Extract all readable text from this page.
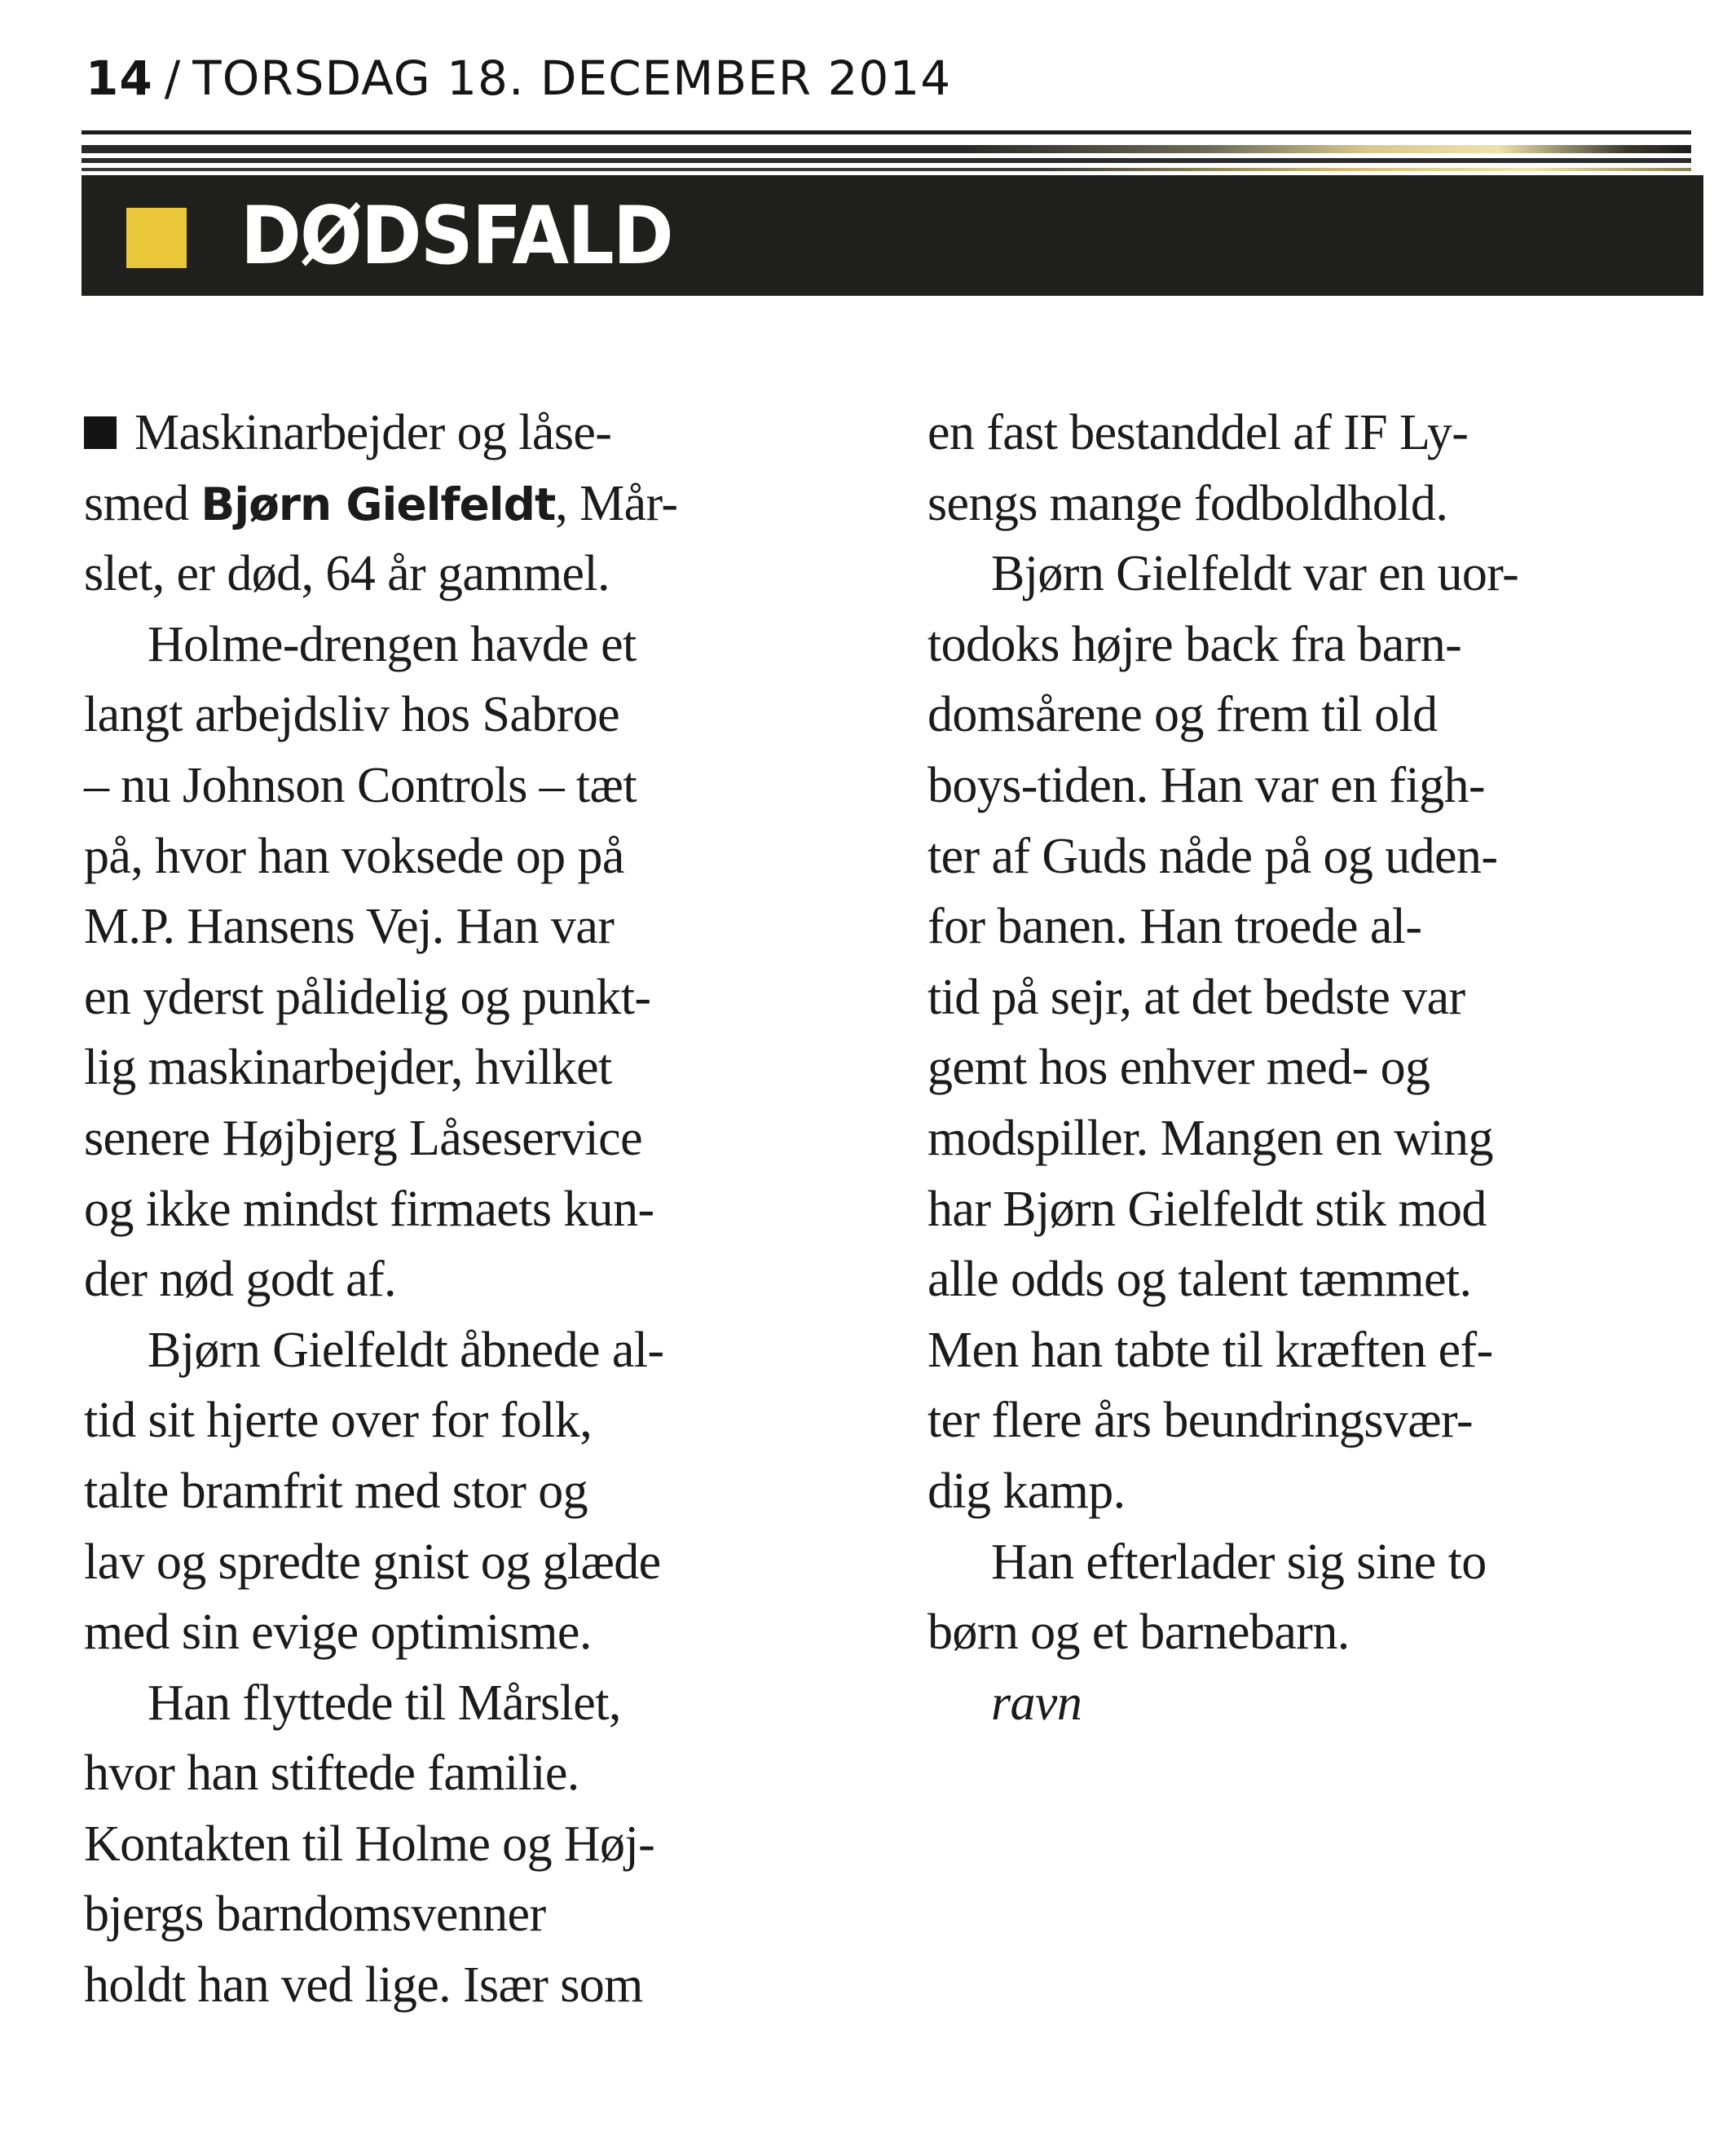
14 / TORSDAG 18. DECEMBER 2014
DØDSFALD
Maskinarbejder og låse-
smed Bjørn Gielfeldt, Mår-
slet, er død, 64 år gammel.
Holme-drengen havde et
langt arbejdsliv hos Sabroe
– nu Johnson Controls – tæt
på, hvor han voksede op på
M.P. Hansens Vej. Han var
en yderst pålidelig og punkt-
lig maskinarbejder, hvilket
senere Højbjerg Låseservice
og ikke mindst firmaets kun-
der nød godt af.
Bjørn Gielfeldt åbnede al-
tid sit hjerte over for folk,
talte bramfrit med stor og
lav og spredte gnist og glæde
med sin evige optimisme.
Han flyttede til Mårslet,
hvor han stiftede familie.
Kontakten til Holme og Høj-
bjergs barndomsvenner
holdt han ved lige. Især som
en fast bestanddel af IF Ly-
sengs mange fodboldhold.
Bjørn Gielfeldt var en uor-
todoks højre back fra barn-
domsårene og frem til old
boys-tiden. Han var en figh-
ter af Guds nåde på og uden-
for banen. Han troede al-
tid på sejr, at det bedste var
gemt hos enhver med- og
modspiller. Mangen en wing
har Bjørn Gielfeldt stik mod
alle odds og talent tæmmet.
Men han tabte til kræften ef-
ter flere års beundringsvær-
dig kamp.
Han efterlader sig sine to
børn og et barnebarn.
ravn
